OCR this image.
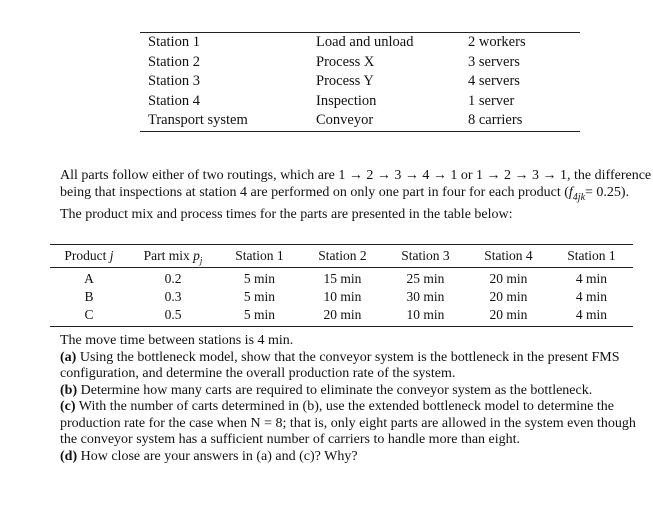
Station 1	Load and unload	2 workers
Station 2	Process X	3 servers
Station 3	Process Y	4 servers
Station 4	Inspection	1 server
Transport system	Conveyor	8 carriers
All parts follow either of two routings, which are 1 → 2 → 3 → 4 → 1 or 1 → 2 → 3 → 1, the difference
being that inspections at station 4 are performed on only one part in four for each product $(f_{4jk}= 0.25)$.
The product mix and process times for the parts are presented in the table below:
Product j	Part mix $p_j$	Station 1	Station 2	Station 3	Station 4	Station 1
A	0.2	5 min	15 min	25 min	20 min	4 min
B	0.3	5 min	10 min	30 min	20 min	4 min
C	0.5	5 min	20 min	10 min	20 min	4 min
The move time between stations is 4 min.
(a) Using the bottleneck model, show that the conveyor system is the bottleneck in the present FMS
configuration, and determine the overall production rate of the system.
(b) Determine how many carts are required to eliminate the conveyor system as the bottleneck.
(c) With the number of carts determined in (b), use the extended bottleneck model to determine the
production rate for the case when N = 8; that is, only eight parts are allowed in the system even though
the conveyor system has a sufficient number of carriers to handle more than eight.
(d) How close are your answers in (a) and (c)? Why?
